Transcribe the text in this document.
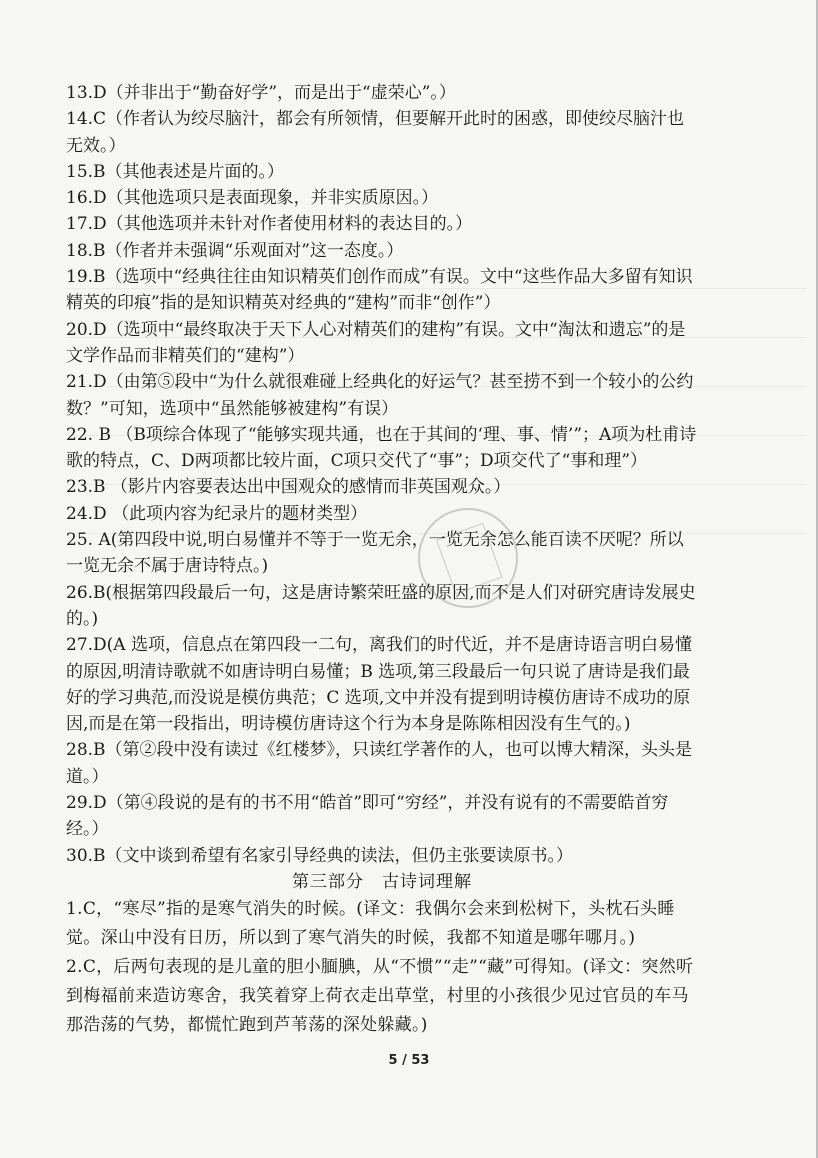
13.D（并非出于“勤奋好学”，而是出于“虚荣心”。）

14.C（作者认为绞尽脑汁，都会有所领情，但要解开此时的困惑，即使绞尽脑汁也无效。）

15.B（其他表述是片面的。）

16.D（其他选项只是表面现象，并非实质原因。）

17.D（其他选项并未针对作者使用材料的表达目的。）

18.B（作者并未强调“乐观面对”这一态度。）

19.B（选项中“经典往往由知识精英们创作而成”有误。文中“这些作品大多留有知识精英的印痕”指的是知识精英对经典的“建构”而非“创作”）

20.D（选项中“最终取决于天下人心对精英们的建构”有误。文中“淘汰和遗忘”的是文学作品而非精英们的“建构”）

21.D（由第⑤段中“为什么就很难碰上经典化的好运气？甚至捞不到一个较小的公约数？”可知，选项中“虽然能够被建构”有误）

22. B （B项综合体现了“能够实现共通，也在于其间的‘理、事、情’”；A项为杜甫诗歌的特点，C、D两项都比较片面，C项只交代了“事”；D项交代了“事和理”）

23.B （影片内容要表达出中国观众的感情而非英国观众。）

24.D （此项内容为纪录片的题材类型）

25. A(第四段中说,明白易懂并不等于一览无余，一览无余怎么能百读不厌呢？所以一览无余不属于唐诗特点。)

26.B(根据第四段最后一句，这是唐诗繁荣旺盛的原因,而不是人们对研究唐诗发展史的。)

27.D(A 选项，信息点在第四段一二句，离我们的时代近，并不是唐诗语言明白易懂的原因,明清诗歌就不如唐诗明白易懂；B 选项,第三段最后一句只说了唐诗是我们最好的学习典范,而没说是模仿典范；C 选项,文中并没有提到明诗模仿唐诗不成功的原因,而是在第一段指出，明诗模仿唐诗这个行为本身是陈陈相因没有生气的。)

28.B（第②段中没有读过《红楼梦》，只读红学著作的人，也可以博大精深，头头是道。）

29.D（第④段说的是有的书不用“皓首”即可“穷经”，并没有说有的不需要皓首穷经。）

30.B（文中谈到希望有名家引导经典的读法，但仍主张要读原书。）

第三部分　古诗词理解

1.C，“寒尽”指的是寒气消失的时候。(译文：我偶尔会来到松树下，头枕石头睡觉。深山中没有日历，所以到了寒气消失的时候，我都不知道是哪年哪月。)

2.C，后两句表现的是儿童的胆小腼腆，从“不惯”“走”“藏”可得知。(译文：突然听到梅福前来造访寒舍，我笑着穿上荷衣走出草堂，村里的小孩很少见过官员的车马那浩荡的气势，都慌忙跑到芦苇荡的深处躲藏。)

5 / 53
